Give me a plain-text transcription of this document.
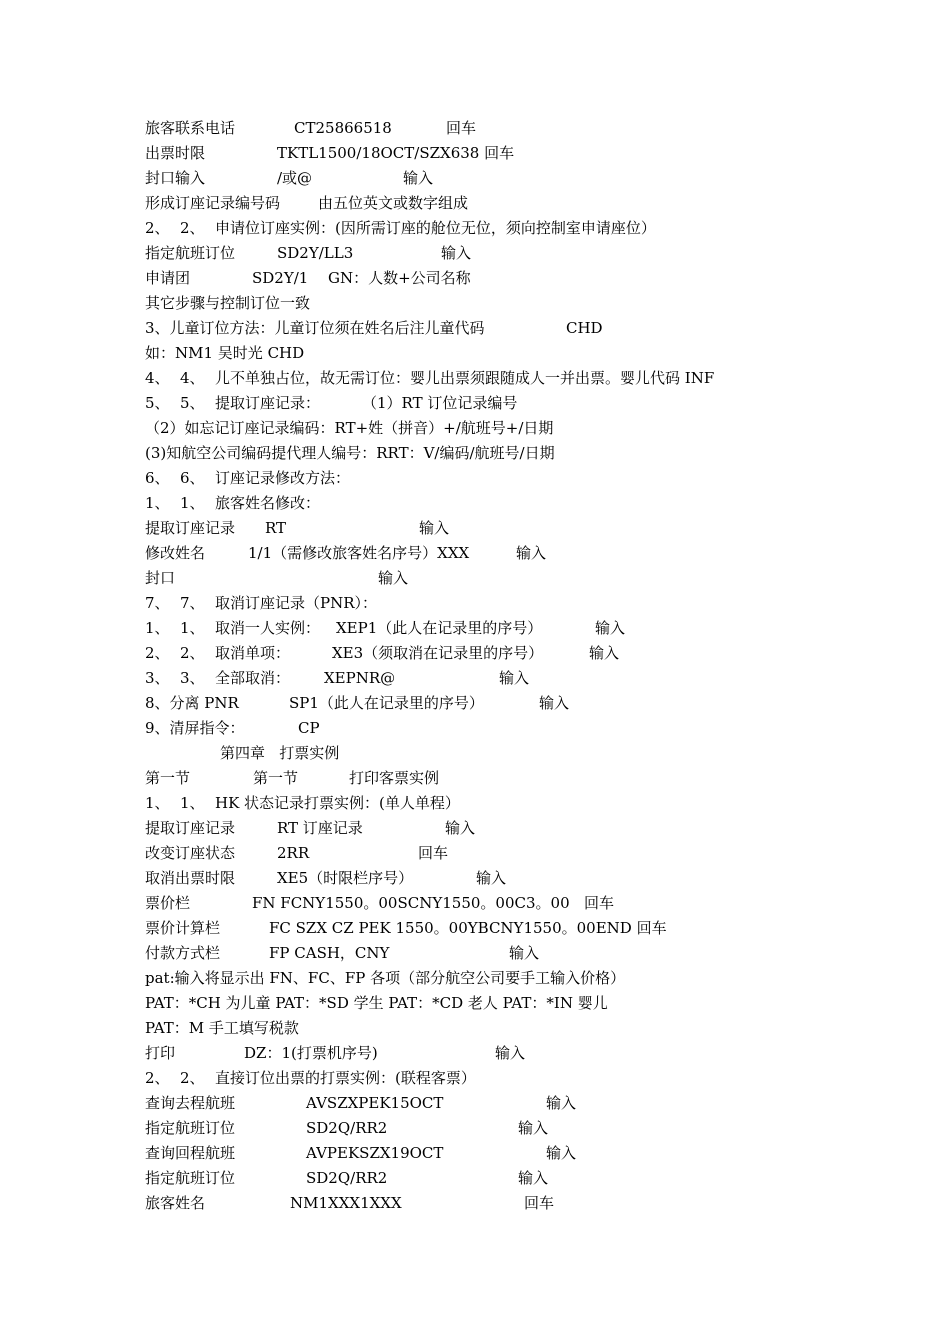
旅客联系电话	CT25866518	回车
出票时限	TKTL1500/18OCT/SZX638 回车
封口输入	/或@	输入
形成订座记录编号码	由五位英文或数字组成
2、 2、 申请位订座实例：(因所需订座的舱位无位，须向控制室申请座位）
指定航班订位	SD2Y/LL3	输入
申请团	SD2Y/1 GN：人数+公司名称
其它步骤与控制订位一致
3、儿童订位方法：儿童订位须在姓名后注儿童代码	CHD
如：NM1 吴时光 CHD
4、 4、 儿不单独占位，故无需订位：婴儿出票须跟随成人一并出票。婴儿代码 INF
5、 5、 提取订座记录：	（1）RT 订位记录编号
（2）如忘记订座记录编码：RT+姓（拼音）+/航班号+/日期
(3)知航空公司编码提代理人编号：RRT：V/编码/航班号/日期
6、 6、 订座记录修改方法：
1、 1、 旅客姓名修改：
提取订座记录 RT	输入
修改姓名	1/1（需修改旅客姓名序号）XXX	输入
封口	输入
7、 7、 取消订座记录（PNR）：
1、 1、 取消一人实例： XEP1（此人在记录里的序号）	输入
2、 2、 取消单项：	XE3（须取消在记录里的序号）	输入
3、 3、 全部取消： XEPNR@	输入
8、分离 PNR	SP1（此人在记录里的序号）	输入
9、清屏指令：	CP
第四章   打票实例
第一节	第一节	打印客票实例
1、 1、 HK 状态记录打票实例：(单人单程）
提取订座记录	RT 订座记录	输入
改变订座状态	2RR	回车
取消出票时限	XE5（时限栏序号）	输入
票价栏	FN FCNY1550。00SCNY1550。00C3。00 回车
票价计算栏	FC SZX CZ PEK 1550。00YBCNY1550。00END 回车
付款方式栏	FP CASH，CNY	输入
pat:输入将显示出 FN、FC、FP 各项（部分航空公司要手工输入价格）
PAT：*CH 为儿童 PAT：*SD 学生 PAT：*CD 老人 PAT：*IN 婴儿
PAT：M 手工填写税款
打印	DZ：1(打票机序号)	输入
2、 2、 直接订位出票的打票实例：(联程客票）
查询去程航班	AVSZXPEK15OCT	输入
指定航班订位	SD2Q/RR2	输入
查询回程航班	AVPEKSZX19OCT	输入
指定航班订位	SD2Q/RR2	输入
旅客姓名	NM1XXX1XXX	回车
